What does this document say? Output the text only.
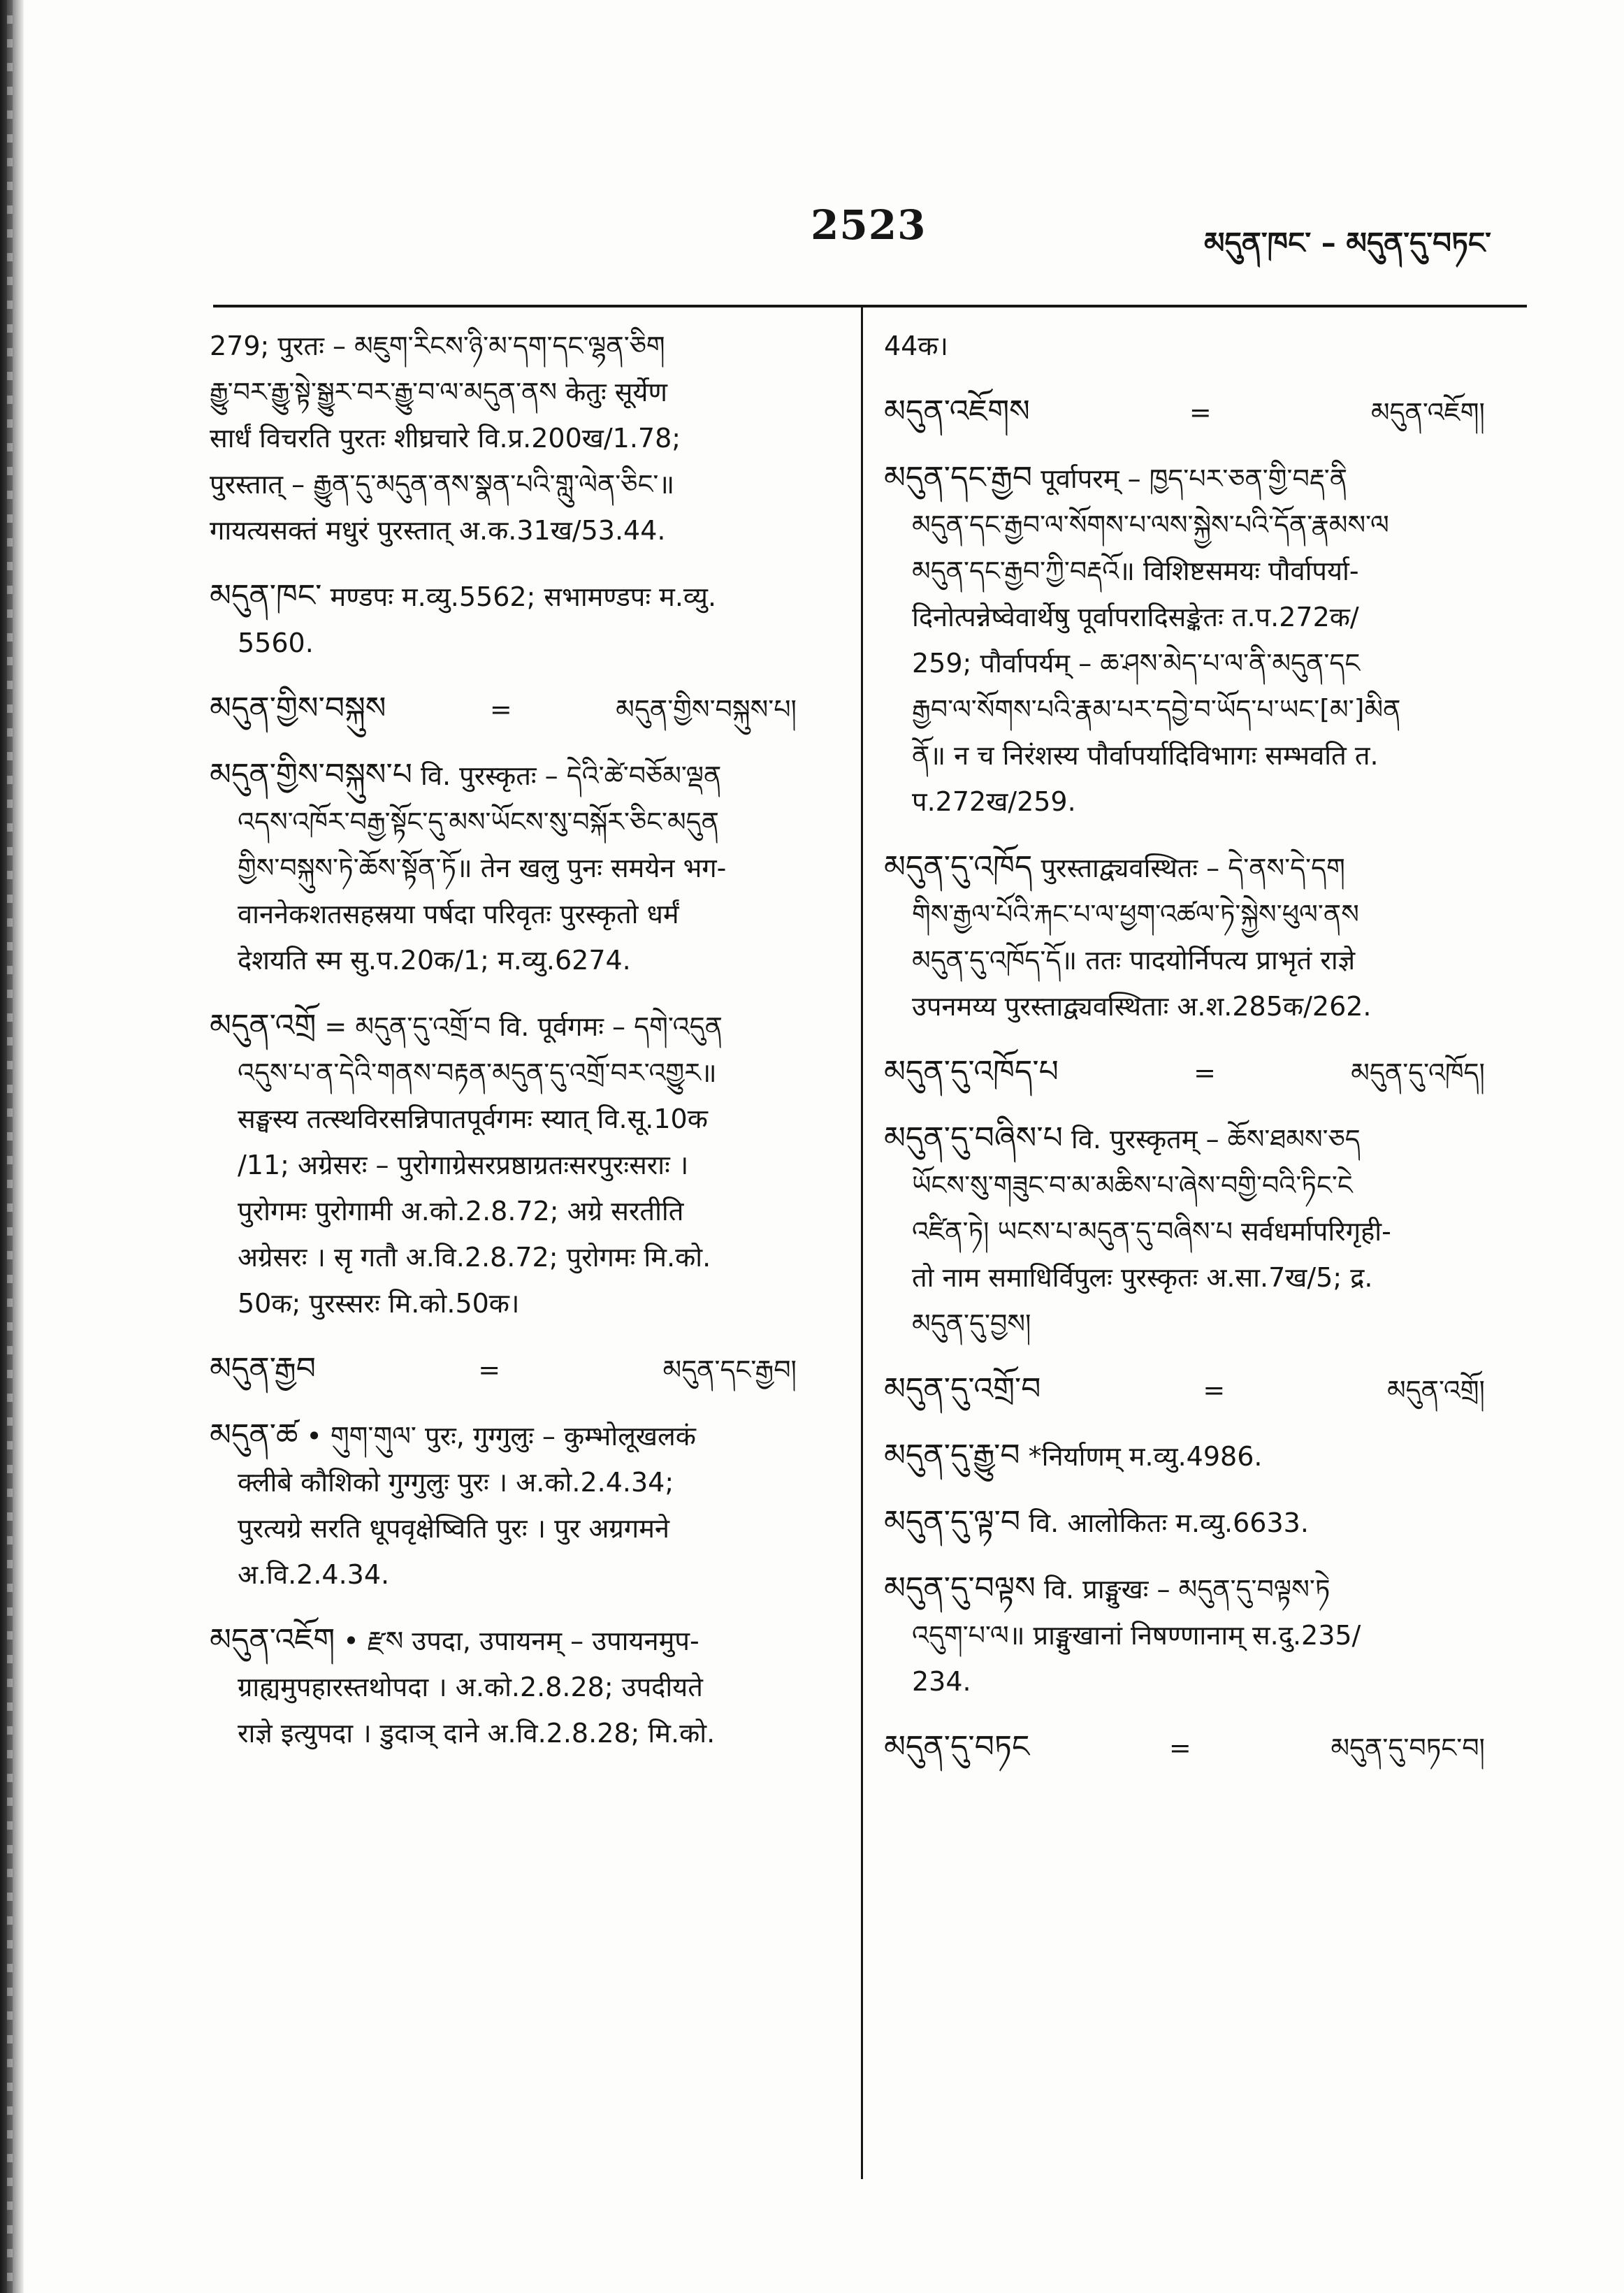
2523	མདུན་ཁང་ – མདུན་དུ་བཏང་

279; पुरतः – མཇུག་རིངས་ཉི་མ་དག་དང་ལྷན་ཅིག

རྒྱུ་བར་རྒྱུ་སྟེ་སྒྱུར་བར་རྒྱུ་བ་ལ་མདུན་ནས केतुः सूर्येण

सार्धं विचरति पुरतः शीघ्रचारे वि.प्र.200ख/1.78;

पुरस्तात् – རྒྱུན་དུ་མདུན་ནས་སྣན་པའི་གླུ་ལེན་ཅིང་॥

गायत्यसक्तं मधुरं पुरस्तात् अ.क.31ख/53.44.

མདུན་ཁང་ मण्डपः म.व्यु.5562; सभामण्डपः म.व्यु.

5560.

མདུན་གྱིས་བསྐུས	=	མདུན་གྱིས་བསྐུས་པ།

མདུན་གྱིས་བསྐུས་པ वि. पुरस्कृतः – དེའི་ཚེ་བཅོམ་ལྡན

འདས་འཁོར་བརྒྱ་སྟོང་དུ་མས་ཡོངས་སུ་བསྐོར་ཅིང་མདུན

གྱིས་བསྐུས་ཏེ་ཆོས་སྟོན་ཏོ॥ तेन खलु पुनः समयेन भग-

वाननेकशतसहस्रया पर्षदा परिवृतः पुरस्कृतो धर्मं

देशयति स्म सु.प.20क/1; म.व्यु.6274.

མདུན་འགྲོ = མདུན་དུ་འགྲོ་བ वि. पूर्वगमः – དགེ་འདུན

འདུས་པ་ན་དེའི་གནས་བརྟན་མདུན་དུ་འགྲོ་བར་འགྱུར॥

सङ्घस्य तत्स्थविरसन्निपातपूर्वगमः स्यात् वि.सू.10क

/11; अग्रेसरः – पुरोगाग्रेसरप्रष्ठाग्रतःसरपुरःसराः ।

पुरोगमः पुरोगामी अ.को.2.8.72; अग्रे सरतीति

अग्रेसरः । सृ गतौ अ.वि.2.8.72; पुरोगमः मि.को.

50क; पुरस्सरः मि.को.50क।

མདུན་རྒྱབ	=	མདུན་དང་རྒྱབ།

མདུན་ཚ • གུག་གུལ་ पुरः, गुग्गुलुः – कुम्भोलूखलकं

क्लीबे कौशिको गुग्गुलुः पुरः । अ.को.2.4.34;

पुरत्यग्रे सरति धूपवृक्षेष्विति पुरः । पुर अग्रगमने

अ.वि.2.4.34.

མདུན་འཇོག • རྫས उपदा, उपायनम् – उपायनमुप-

ग्राह्यमुपहारस्तथोपदा । अ.को.2.8.28; उपदीयते

राज्ञे इत्युपदा । डुदाञ् दाने अ.वि.2.8.28; मि.को.

44क।

མདུན་འཇོགས	=	མདུན་འཇོག།

མདུན་དང་རྒྱབ पूर्वापरम् – ཁྱད་པར་ཅན་གྱི་བརྡ་ནི

མདུན་དང་རྒྱབ་ལ་སོགས་པ་ལས་སྐྱེས་པའི་དོན་རྣམས་ལ

མདུན་དང་རྒྱབ་ཀྱི་བརྡའོ॥ विशिष्टसमयः पौर्वापर्या-

दिनोत्पन्नेष्वेवार्थेषु पूर्वापरादिसङ्केतः त.प.272क/

259; पौर्वापर्यम् – ཆ་ཤས་མེད་པ་ལ་ནི་མདུན་དང

རྒྱབ་ལ་སོགས་པའི་རྣམ་པར་དབྱེ་བ་ཡོད་པ་ཡང་[མ་]མིན

ནོ॥ न च निरंशस्य पौर्वापर्यादिविभागः सम्भवति त.

प.272ख/259.

མདུན་དུ་འཁོད पुरस्ताद्व्यवस्थितः – དེ་ནས་དེ་དག

གིས་རྒྱལ་པོའི་རྐང་པ་ལ་ཕྱག་འཚལ་ཏེ་སྐྱེས་ཕུལ་ནས

མདུན་དུ་འཁོད་དོ॥ ततः पादयोर्निपत्य प्राभृतं राज्ञे

उपनमय्य पुरस्ताद्व्यवस्थिताः अ.श.285क/262.

མདུན་དུ་འཁོད་པ	=	མདུན་དུ་འཁོད།

མདུན་དུ་བཞིས་པ वि. पुरस्कृतम् – ཆོས་ཐམས་ཅད

ཡོངས་སུ་གཟུང་བ་མ་མཆིས་པ་ཞེས་བགྱི་བའི་ཏིང་ངེ

འཛིན་ཏེ། ཡངས་པ་མདུན་དུ་བཞིས་པ सर्वधर्मापरिगृही-

तो नाम समाधिर्विपुलः पुरस्कृतः अ.सा.7ख/5; द्र.

མདུན་དུ་བྱས།

མདུན་དུ་འགྲོ་བ	=	མདུན་འགྲོ།

མདུན་དུ་རྒྱུ་བ *निर्याणम् म.व्यु.4986.

མདུན་དུ་ལྟ་བ वि. आलोकितः म.व्यु.6633.

མདུན་དུ་བལྟས वि. प्राङ्मुखः – མདུན་དུ་བལྟས་ཏེ

འདུག་པ་ལ॥ प्राङ्मुखानां निषण्णानाम् स.दु.235/

234.

མདུན་དུ་བཏང	=	མདུན་དུ་བཏང་བ།
